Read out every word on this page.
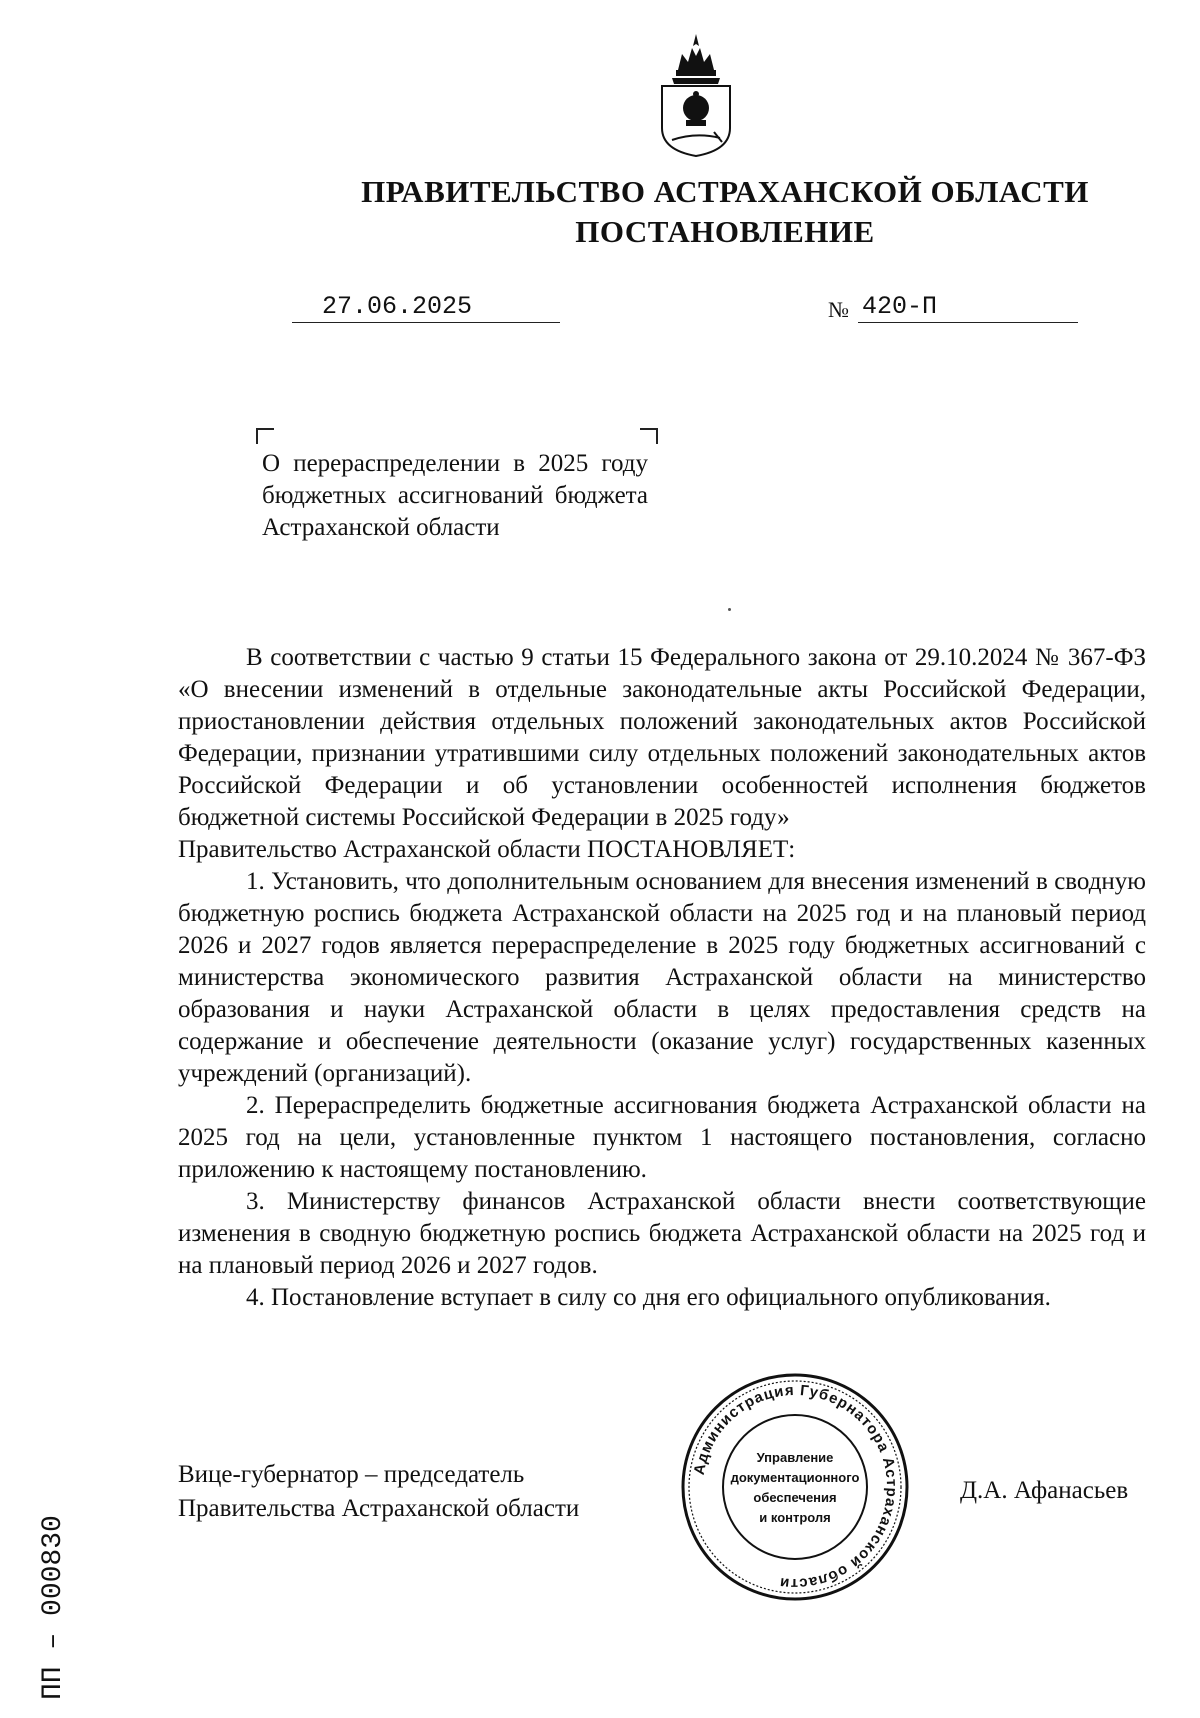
ПРАВИТЕЛЬСТВО АСТРАХАНСКОЙ ОБЛАСТИ
ПОСТАНОВЛЕНИЕ
27.06.2025	№ 420-П
О перераспределении в 2025 году бюджетных ассигнований бюджета Астраханской области

В соответствии с частью 9 статьи 15 Федерального закона от 29.10.2024 № 367-ФЗ «О внесении изменений в отдельные законодательные акты Российской Федерации, приостановлении действия отдельных положений законодательных актов Российской Федерации, признании утратившими силу отдельных положений законодательных актов Российской Федерации и об установлении особенностей исполнения бюджетов бюджетной системы Российской Федерации в 2025 году»

Правительство Астраханской области ПОСТАНОВЛЯЕТ:

1. Установить, что дополнительным основанием для внесения изменений в сводную бюджетную роспись бюджета Астраханской области на 2025 год и на плановый период 2026 и 2027 годов является перераспределение в 2025 году бюджетных ассигнований с министерства экономического развития Астраханской области на министерство образования и науки Астраханской области в целях предоставления средств на содержание и обеспечение деятельности (оказание услуг) государственных казенных учреждений (организаций).

2. Перераспределить бюджетные ассигнования бюджета Астраханской области на 2025 год на цели, установленные пунктом 1 настоящего постановления, согласно приложению к настоящему постановлению.

3. Министерству финансов Астраханской области внести соответствующие изменения в сводную бюджетную роспись бюджета Астраханской области на 2025 год и на плановый период 2026 и 2027 годов.

4. Постановление вступает в силу со дня его официального опубликования.

Вице-губернатор – председатель
Правительства Астраханской области
Администрация Губернатора Астраханской области
Управление
документационного
обеспечения
и контроля
Д.А. Афанасьев
ПП – 000830
